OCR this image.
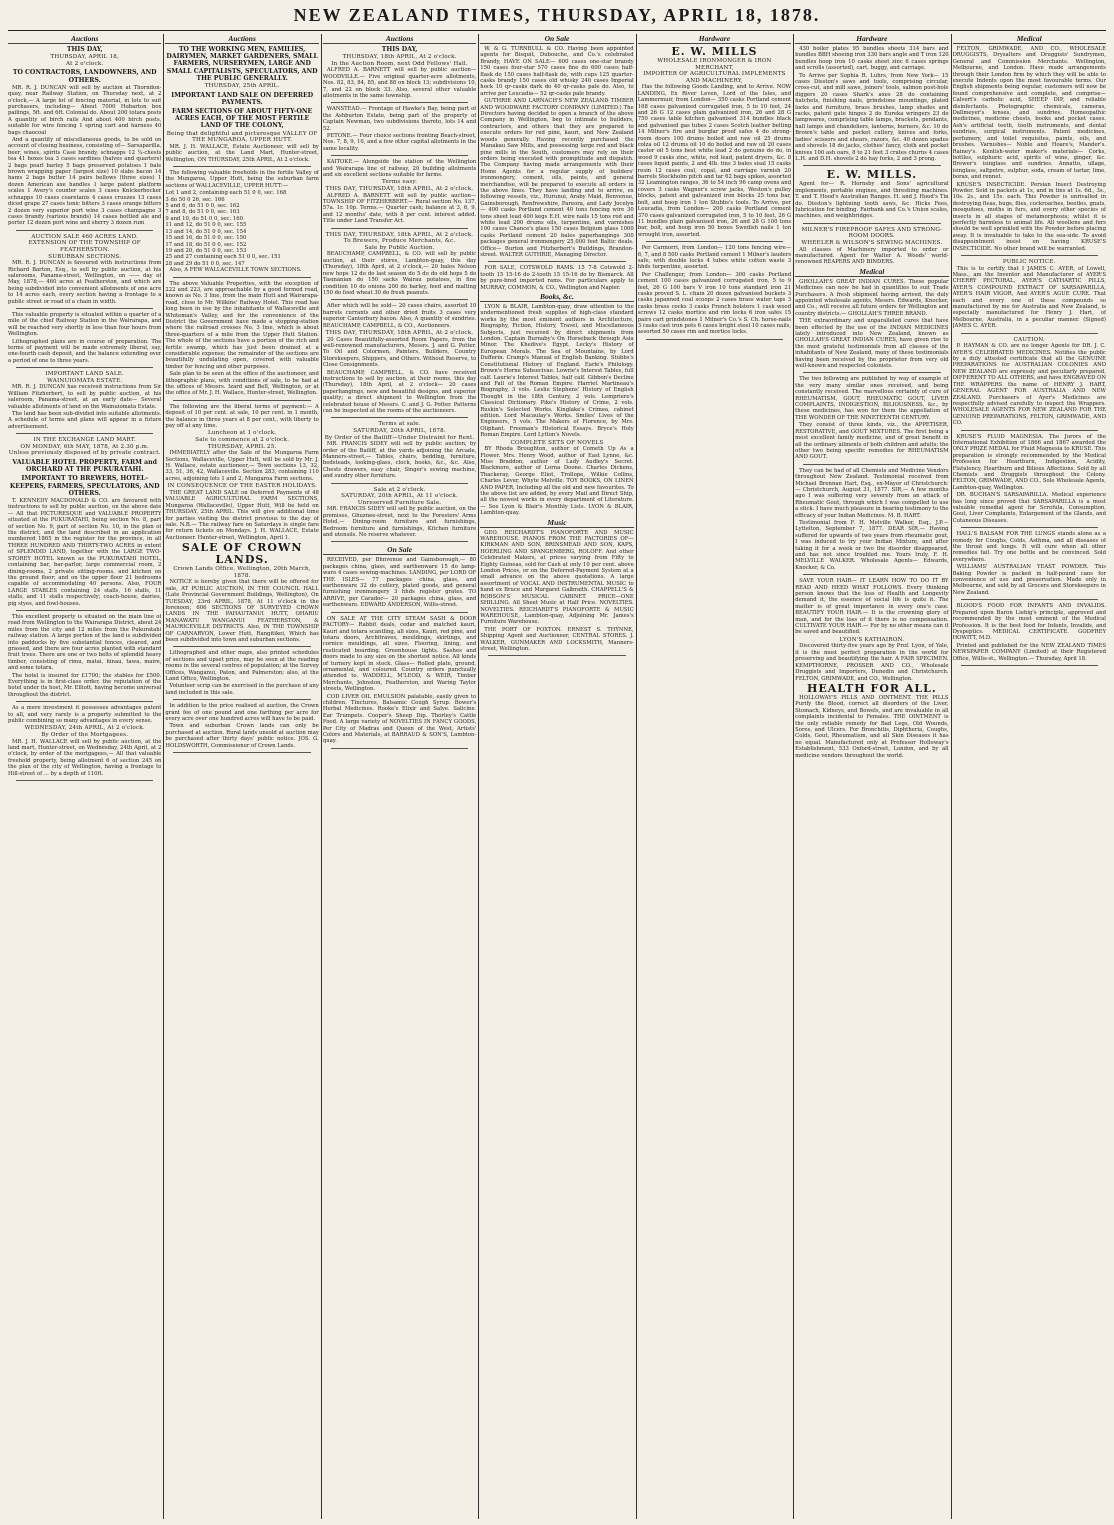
NEW ZEALAND TIMES, THURSDAY, APRIL 18, 1878.
Auctions
THIS DAY,
THURSDAY, APRIL 18,
At 2 o'clock.
TO CONTRACTORS, LANDOWNERS, AND OTHERS.
MR. R. J. DUNCAN will sell by auction at Thorndon-quay, near Railway Station, on Thursday next, at 2 o'clock,— A large lot of fencing material, in lots to suit purchasers, including— About 7000 Hobarton box pailings, 5ft. and 6ft. Colonial do. About 200 totara posts A quantity of birch rails And about 400 birch posts, suitable for wire fencing 1 spring cart and harness 40 bags chaocoal
And a quantity of miscellaneous goods, to be sold on account of closing business, consisting of— Sarsaparilla, beer, wines, spirits Case brandy, schnapps 12 ¼-chests tea 41 boxes tea 3 cases sardines (halves and quarters) 2 bags pearl barley 5 bags preserved potatoes 1 bale brown wrapping paper (largest size) 10 slabs bacon 14 hams 2 bags butter 14 pairs bellows (three sizes) 1 dozen American axe handles 1 large patent platform scales 1 Avery's counter scales 3 cases Knickerbocker schnapps 10 cases coaretanis 4 cases cruezes 13 cases diced grape 27 cases tonic bitters 3 cases orange bitters 2 dozen very superior port wine 3 cases champagne 3 cases brandy (various brands) 14 cases bottled ale and porter 12 dozen port wine and sherry 3 dozen rum
AUCTION SALE 460 ACRES LAND.
EXTENSION OF THE TOWNSHIP OF FEATHERSTON.
SUBURBAN SECTIONS.
MR. R. J. DUNCAN is favoured with instructions from Richard Barton, Esq., to sell by public auction, at his salerooms, Panama-street, Wellington, on —— day of May, 1878,— 460 acres at Featherston, and which are being subdivided into convenient allotments of one acre to 14 acres each, every section having a frontage to a public street or road of a chain in width.
This valuable property is situated within a quarter of a mile of the chief Railway Station in the Wairarapa, and will be reached very shortly in less than four hours from Wellington.
Lithographed plans are in course of preparation. The terms of payment will be made extremely liberal, say, one-fourth cash deposit, and the balance extending over a period of one to three years.
IMPORTANT LAND SALE.
WAINUIOMATA ESTATE.
MR. R. J. DUNCAN has received instructions from Sir William Fitzherbert, to sell by public auction, at his saleroom, Panama-street, at an early date— Several valuable allotments of land on the Wainuiomata Estate.
The land has been sub-divided into suitable allotments. A schedule of terms and plans will appear in a future advertisement.
IN THE EXCHANGE LAND MART.
ON MONDAY, 6th MAY, 1878, At 2.30 p.m.
Unless previously disposed of by private contract.
VALUABLE HOTEL PROPERTY, FARM and ORCHARD AT THE PUKURATAHI.
IMPORTANT TO BREWERS, HOTEL-KEEPERS, FARMERS, SPECULATORS, AND OTHERS.
T. KENNEDY MACDONALD & CO. are favoured with instructions to sell by public auction, on the above date— All that PICTURESQUE and VALUABLE PROPERTY situated at the PUKURATAHI, being section No. 8, part of section No. 9, part of section No. 10, in the plan of the district, and the land described in an application numbered 1865 in the register for the province, in all THREE HUNDRED AND THIRTY-TWO ACRES in extent of SPLENDID LAND, together with the LARGE TWO-STOREY HOTEL known as the PUKURATAHI HOTEL, containing bar, bar-parlor, large commercial room, 2 dining-rooms, 2 private sitting-rooms, and kitchen on the ground floor; and on the upper floor 21 bedrooms capable of accommodating 40 persons. Also, FOUR LARGE STABLES containing 24 stalls, 16 stalls, 11 stalls, and 11 stalls respectively; coach-house, dairies, pig styes, and fowl-houses.
This excellent property is situated on the main line of road from Wellington to the Wairarapa District, about 24 miles from the city and 12 miles from the Pukuratahi railway station. A large portion of the land is subdivided into paddocks by five substantial fences, cleared, and grassed, and there are four acres planted with standard fruit trees. There are one or two belts of splendid heavy timber, consisting of rimu, matai, hinau, tawa, maire, and some totara.
The hotel is insured for £1700; the stables for £500. Everything is in first-class order, the reputation of the hotel under its host, Mr. Elliott, having become universal throughout the district.
As a mere investment it possesses advantages patent to all, and very rarely is a property submitted to the public combining so many advantages in every sense.
WEDNESDAY, 24th APRIL, At 2 o'clock.
By Order of the Mortgagees.
MR. J. H. WALLACE will sell by public auction, at the land mart, Hunter-street, on Wednesday, 24th April, at 2 o'clock, by order of the mortgagees,— All that valuable freehold property, being allotment 6 of section 245 on the plan of the city of Wellington, having a frontage to Hill-street of ... by a depth of 110ft.
Auctions
TO THE WORKING MEN, FAMILIES, DAIRYMEN, MARKET GARDENERS, SMALL FARMERS, NURSERYMEN, LARGE AND SMALL CAPITALISTS, SPECULATORS, AND THE PUBLIC GENERALLY.
THURSDAY, 25th APRIL.
IMPORTANT LAND SALE ON DEFERRED PAYMENTS.
FARM SECTIONS OF ABOUT FIFTY-ONE ACRES EACH, OF THE MOST FERTILE LAND OF THE COLONY,
Being that delightful and picturesque VALLEY OF THE MUNGAROA, UPPER HUTT.
MR. J. H. WALLACE, Estate Auctioneer, will sell by public auction, at the Land Mart, Hunter-street, Wellington, ON THURSDAY, 25th APRIL, At 2 o'clock.
The following valuable freeholds in the fertile Valley of the Mungaroa, Upper Hutt, being the suburban farm sections of WALLACEVILLE, UPPER HUTT:—
Lot 1 and 2, containing each 51 0 0, sec. 168
3 do 50 0 26, sec. 166
5 and 6, do 51 0 0, sec. 162
7 and 8, do 51 0 0, sec. 163
9 and 10, do 51 0 0, sec. 160
11 and 12, do 51 0 0, sec. 155
13 and 14, do 51 0 0, sec. 154
15 and 16, do 51 0 0, sec. 150
17 and 18, do 51 0 0, sec. 152
19 and 20, do 51 0 0, sec. 153
25 and 27 containing each 51 0 0, sec. 151
28 and 29 do 51 0 0, sec. 147
Also, A FEW WALLACEVILLE TOWN SECTIONS.
The above Valuable Properties, with the exception of 222 and 223, are approachable by a good formed road, known as No. 3 line, from the main Hutt and Wairarapa-road, close to Mr. Wilkins' Railway Hotel. This road has long been in use by the inhabitants of Wallaceville and Whiteman's Valley, and for the convenience of the District the Government have made a stopping-station where the railroad crosses No. 3 line, which is about three-quarters of a mile from the Upper Hutt Station. The whole of the sections have a portion of the rich and fertile swamp, which has just been drained at a considerable expense; the remainder of the sections are beautifully undulating open, covered with valuable timber for fencing and other purposes.
Sale plan to be seen at the office of the auctioneer, and lithographic plans, with conditions of sale, to be had at the offices of Messrs. Izard and Bell, Wellington, or at the office of Mr. J. H. Wallace, Hunter-street, Wellington.
The following are the liberal terms of payment:— A deposit of 10 per cent. at sale, 10 per cent. in 1 month, the balance in three years at 8 per cent., with liberty to pay off at any time.
Luncheon at 1 o'clock.
Sale to commence at 2 o'clock.
THURSDAY, APRIL 25.
IMMEDIATELY after the Sale of the Mungaroa Farm Sections, Wallaceville, Upper Hutt, will be sold by Mr. J. H. Wallace, estate auctioneer,— Town sections 13, 32, 33, 51, 36, 42, Wallaceville. Section 283, containing 110 acres, adjoining lots 1 and 2, Mungaroa Farm sections.
IN CONSEQUENCE OF THE EASTER HOLIDAYS.
THE GREAT LAND SALE on Deferred Payments of 48 VALUABLE AGRICULTURAL FARM SECTIONS, Mungaroa (Wallaceville), Upper Hutt, Will be held on THURSDAY, 25th APRIL. This will give additional time for parties visiting the district previous to the day of sale. N.B.— The railway fare on Saturdays is single fare for return tickets on Mondays. J. H. WALLACE, Estate Auctioneer. Hunter-street, Wellington, April 1.
SALE OF CROWN LANDS.
Crown Lands Office, Wellington, 20th March, 1878.
NOTICE is hereby given that there will be offered for sale, AT PUBLIC AUCTION, IN THE COUNCIL HALL (Late Provincial Government Buildings, Wellington), On TUESDAY, 23rd APRIL, 1878, At 11 o'clock in the forenoon, 606 SECTIONS OF SURVEYED CROWN LANDS IN THE PAHAUTANUI HUTT, OHARIU MANAWATU WANGANUI FEATHERSTON, & MAURICEVILLE DISTRICTS. Also, IN THE TOWNSHIP OF CARNARVON, Lower Hutt, Rangitikei, Which has been subdivided into town and suburban sections.
Lithographed and other maps, also printed schedules of sections and upset price, may be seen at the reading rooms in the several centres of population; at the Survey Offices, Wanganui, Paton, and Palmerston; also, at the Land Office, Wellington.
Volunteer scrip can be exercised in the purchase of any land included in this sale.
In addition to the price realised at auction, the Crown grant fee of one pound and one farthing per acre for every acre over one hundred acres will have to be paid.
Town and suburban Crown lands can only be purchased at auction. Rural lands unsold at auction may be purchased after thirty days' public notice. JOS. G. HOLDSWORTH, Commissioner of Crown Lands.
Auctions
THIS DAY,
THURSDAY, 18th APRIL, At 2 o'clock.
In the Auction Room, next Odd Fellows' Hall.
ALFRED A. BARNETT will sell by public auction— WOODVILLE.— Five original quarter-acre allotments, Nos. 82, 83, 84, 85, and 88 on block 13; subdivisions 10, 7, and 22 on block 33. Also, several other valuable allotments in the same township.
WANSTEAD.— Frontage of Hawke's Bay, being part of the Ashburton Estate, being part of the property of Captain Newman, two subdivisions thereto, lots 14 and 52.
PETONE.— Four choice sections fronting Beach-street, Nos. 7, 8, 9, 10, and a few other capital allotments in the same locality.
KAITOKE.— Alongside the station of the Wellington and Wairarapa line of railway, 20 building allotments and six excellent sections suitable for farms.
Terms easy.
THIS DAY, THURSDAY, 18th APRIL, At 2 o'clock.
ALFRED A. BARNETT will sell by public auction— TOWNSHIP OF FITZHERBERT.— Rural section No. 137, 57a. 1r. 10p. Terms.— Quarter cash; balance at 3, 6, 9, and 12 months' date, with 8 per cent. interest added. Title under Land Transfer Act.
THIS DAY, THURSDAY, 18th APRIL, At 2 o'clock.
To Brewers, Produce Merchants, &c.
Sale by Public Auction.
BEAUCHAMP, CAMPBELL, & CO. will sell by public auction, at their stores, Lambton-quay, this day (Thursday), 18th April, at 2 o'clock,— 20 bales Nelson new hops 12 do do last season do 5 do do old hops 5 do Tasmanian do 150 sacks Wairau potatoes, in fine condition 10 do onions 200 do barley, feed and malting 150 do feed wheat 30 do fresh peanuts.
After which will be sold— 20 cases chairs, assorted 10 barrels currants and other dried fruits 3 cases very superior Canterbury bacon. Also, A quantity of sundries. BEAUCHAMP, CAMPBELL, & CO., Auctioneers.
THIS DAY, THURSDAY, 18th APRIL, At 2 o'clock.
20 Cases Beautifully-assorted Room Papers, from the well-renowned manufacturers, Messrs. J. and G. Potter. To Oil and Colormen, Painters, Builders, Country Storekeepers, Shippers, and Others. Without Reserve, to Close Consignments.
BEAUCHAMP, CAMPBELL, & CO. have received instructions to sell by auction, at their rooms, this day (Thursday), 18th April, at 2 o'clock— 20 cases paperhangings, new and beautiful designs, and superior quality; a direct shipment to Wellington from the celebrated house of Messrs. C. and J. G. Potter. Patterns can be inspected at the rooms of the auctioneers.
Terms at sale.
SATURDAY, 20th APRIL, 1878.
By Order of the Bailiff—Under Distraint for Rent.
MR. FRANCIS SIDEY will sell by public auction, by order of the Bailiff, at the yards adjoining the Arcade, Manners-street,— Tables, chairs, bedding, furniture, bedsteads, looking-glass, clock, books, &c., &c. Also, Chests drawers, easy chair, Singer's sewing machine, and sundry other furniture.
Sale at 2 o'clock.
SATURDAY, 20th APRIL, At 11 o'clock.
Unreserved Furniture Sale.
MR. FRANCIS SIDEY will sell by public auction, on the premises, Ghuznee-street, next to the Foresters' Arms Hotel,— Dining-room furniture and furnishings, Bedroom furniture and furnishings, Kitchen furniture and utensils. No reserve whatever.
On Sale
RECEIVED, per Bhnvenue and Gainsborough,— 80 packages china, glass, and earthenware 15 do lamp-ware 4 cases sewing-machines. LANDING, per LORD OF THE ISLES— 77 packages china, glass, and earthenware 32 do cutlery, plated goods, and general furnishing ironmongery 3 hhds register grates. TO ARRIVE, per Caradoc— 20 packages china, glass, and earthenware. EDWARD ANDERSON, Willis-street.
ON SALE AT THE CITY STEAM SASH & DOOR FACTORY— Rabbit deals, cedar and matched kauri, Kauri and totara scantling, all sizes, Kauri, red pine, and totara doors, Architraves, mouldings, skirtings, and cornice mouldings, all sizes. Flooring, lining, and rusticated boarding. Greenhouse lights. Sashes and doors made to any size on the shortest notice. All kinds of turnery kept in stock. Glass— Rolled plate, ground, ornamental, and coloured. Country orders punctually attended to. WADDELL, M'LEOD, & WEIR, Timber Merchants, Johnston, Featherston, and Waring Taylor streets, Wellington.
COD LIVER OIL EMULSION palatable, easily given to children. Tinctures, Balsamic Cough Syrup. Bower's Herbal Medicines. Rooke's Elixir and Salve. Salicine. Ear Trumpets. Cooper's Sheep Dip. Thorley's Cattle Food. A large variety of NOVELTIES IN FANCY GOODS, Per City of Madras and Queen of the West, Artists' Colors and Materials, at BARRAUD & SON'S, Lambton-quay.
On Sale
W. & G. TURNBULL & CO. Having been appointed agents for Bisquit, Dubouche, and Co.'s celebrated Brandy, HAVE ON SALE— 600 cases one-star brandy 150 cases four-star 570 cases fine do 600 cases half-flask do 150 cases half-flask do, with cups 125 quarter-casks brandy 150 cases old whisky 240 cases Imperial hock 10 qr-casks dark do 40 qr-casks pale do. Also, to arrive per Leucadia— 52 qr-casks pale brandy.
GUTHRIE AND LARNACH'S NEW ZEALAND TIMBER AND WOODWARE FACTORY COMPANY (LIMITED.) The Directors having decided to open a branch of the above Company in Wellington, beg to intimate to builders, contractors, and others that they are prepared to execute orders for red pine, kauri, and New Zealand woods generally. Having recently purchased the Manakau Saw Mills, and possessing large red and black pine mills in the South, customers may rely on their orders being executed with promptitude and dispatch. The Company having made arrangements with their Home Agents for a regular supply of builders' ironmongery, cement, oils, paints, and general merchandise, will be prepared to execute all orders in the above lines. They have landing and to arrive, ex following vessels, viz., Hurunui, Araby Maid, Benvenue, Gainsborough, Renfrewshire, Pareora, and Lady Jocelyn— 400 casks Portland cement 40 tons fencing wire 30 tons sheet lead 400 kegs E.H. wire nails 15 tons rod and white lead 200 drums oils, turpentine, and varnishes 100 cases Chance's glass 150 cases Belgium glass 1000 casks Portland cement 20 bales paperhangings 300 packages general ironmongery 25,000 feet Baltic deals. Office— Burton and Fitzherbert's Buildings, Brandon-street. WALTER GUTHRIE, Managing Director.
FOR SALE, COTSWOLD RAMS. 15 7-8 Cotswold 2-tooth 15 15-16 do 2-tooth 15 15-16 do by Bismarck. All by pure-bred imported rams. For particulars apply to MURRAY, COMMON, & CO., Wellington and Napier.
Books, &c.
LYON & BLAIR, Lambton-quay, draw attention to the undermentioned fresh supplies of high-class standard works by the most eminent authors in Architecture, Biography, Fiction, History, Travel, and Miscellaneous Subjects, just received by direct shipments from London. Captain Burnaby's On Horseback through Asia Minor. The Khedive's Egypt. Lecky's History of European Morals. The Sea of Mountains, by Lord Dufferin. Cramp's Manual of English Banking. Stubbs's Constitutional History of England. Earle's Philology. Brown's Horne Subsecivae. Lowrie's Interest Tables, full calf. Laurie's Interest Tables, half calf. Gibbon's Decline and Fall of the Roman Empire. Harriet Martineau's Biography, 3 vols. Leslie Stephens' History of English Thought in the 18th Century, 2 vols. Lempriere's Classical Dictionary. Pike's History of Crime, 2 vols. Ruskin's Selected Works. Kinglake's Crimea, cabinet edition. Lord Macaulay's Works. Smiles' Lives of the Engineers, 5 vols. The Makers of Florence, by Mrs. Oliphant. Freeman's Historical Essays. Bryce's Holy Roman Empire. Lord Lytton's Novels.
COMPLETE SETS OF NOVELS
BY Rhoda Broughton, author of Cometh Up As a Flower. Mrs. Henry Wood, author of East Lynne, &c. Miss Braddon, author of Lady Audley's Secret. Blackmore, author of Lorna Doone. Charles Dickens, Thackeray, George Eliot, Trollope, Wilkie Collins, Charles Lever, Whyte Melville. TOY BOOKS, ON LINEN AND PAPER, Including all the old and new favourites. To the above list are added, by every Mail and Direct Ship, all the newest works in every department of Literature.— See Lyon & Blair's Monthly Lists. LYON & BLAIR, Lambton-quay.
Music
GEO. REICHARDT'S PIANOFORTE AND MUSIC WAREHOUSE. PIANOS FROM THE FACTORIES OF— KIRKMAN AND SON, BRINSMEAD AND SON, KAPS, HOERLING AND SPANGENBERG, ROLOFF. And other Celebrated Makers, at prices varying from Fifty to Eighty Guineas, sold for Cash at only 10 per cent. above London Prices, or on the Deferred-Payment System at a small advance on the above quotations. A large assortment of VOCAL AND INSTRUMENTAL MUSIC to hand ex Bruce and Margaret Galbraith. CHAPPELL'S & ROBSON'S MUSICAL CABINET. PRICE—ONE SHILLING. All Sheet Music at Half Price. NOVELTIES. NOVELTIES. REICHARDT'S PIANOFORTE & MUSIC WAREHOUSE, Lambton-quay, Adjoining Mr. James's Furniture Warehouse.
THE PORT OF FOXTON. ERNEST S. THYNNE, Shipping Agent and Auctioneer, CENTRAL STORES. J. WALKER, GUNMAKER AND LOCKSMITH, Manners-street, Wellington.
Hardware
E. W. MILLS
WHOLESALE IRONMONGER & IRON MERCHANT,
IMPORTER OF AGRICULTURAL IMPLEMENTS AND MACHINERY,
Has the following Goods Landing, and to Arrive. NOW LANDING, Ex River Leven, Lord of the Isles, and Lammermuir, from London— 350 casks Portland cement 168 cases galvanized corrugated iron, 5 to 10 feet, 24 and 26 G 12 cases plain galvanized iron, 26 and 28 G 750 cases table kitchen galvanised 314 bundles black and galvanised gas tubes 2 cases Scotch leather belting 14 Milner's fire and burglar proof safes 4 do strong-room doors 100 drums boiled and raw oil 25 drums colza oil 12 drums oil 10 do boiled and raw oil 20 cases castor oil 5 tons best white lead 2 do genuine do do, in wood 9 casks zinc, white, red lead, patent dryers, &c. 8 cases liquid paints, 2 and 4lb. tins 3 bales sisal 15 casks resin 12 cases coal, copal, and carriage varnish 20 barrels Stockholm pitch and tar 62 bags spikes, assorted 32 Leamington ranges, 36 to 54 inch 96 camp ovens and covers 3 casks Wagner's screw jacks, Weston's pulley blocks, patent and galvanized iron blocks 25 tons bar, bolt, and hoop iron 1 ton Stubbs's tools. To Arrive, per Leucadia, from London— 200 casks Portland cement 370 cases galvanized corrugated iron, 5 to 10 feet, 26 G 11 bundles plain galvanised iron, 26 and 28 G 100 tons bar, bolt, and hoop iron 50 boxes Swedish nails 1 ton wrought iron, assorted.
Per Carmorri, from London— 120 tons fencing wire— 6, 7, and 8 500 casks Portland cement 1 Milner's lauders safe, with double locks 4 tubes white cotton waste 3 hhds turpentine, assorted.
Per Challenger, from London— 300 casks Portland cement 100 cases galvanized corrugated iron, 5 to 9 feet, 26 G 100 bars V iron 10 tons standard iron 21 casks proved S. L. chain 20 dozen galvanised buckets 3 casks japanned coal scoops 2 cases brass water taps 3 casks brass cocks 3 casks French bolsters 1 cask wood screws 12 casks mortice and rim locks 6 iron safes 15 pairs cart grindstones 1 Milner's Co.'s S. Ch. horse-nails 3 casks cast iron pots 6 cases bright steel 10 cases nails, assorted 50 cases rim and mortice locks.
Hardware
430 boiler plates 95 bundles sheets 314 bars and bundles BBH shoeing iron 330 bars angle and T iron 120 bundles hoop iron 10 casks sheet zinc 6 cases springs and scrolls (assorted), cart, buggy, and carriage.
To Arrive per Sophia R. Luhrs, from New York— 15 cases Disston's saws and tools, comprising circular, cross-cut, and mill saws, joiners' tools, salmon post-hole diggers 20 cases Shark's axes 28 do containing hatchets, finishing nails, grindstone mountings, plated locks and furniture, brass brushes, lamp shades and racks, patent gate hinges 2 do Eureka wringers 23 do lampwares, comprising table lamps, brackets, pendants, hall lamps and chandeliers, lanterns, burners, &c. 10 do Brown's table and pocket cutlery, knives and forks, ladies' scissors and shears, razors, &c. 40 dozen spades and shovels 18 do jacks, clothes' fancy, cloth and pocket knives 100 ash oars, 8 to 21 feet 3 crates churns 4 cases L.H. and D.H. shovels 2 do hay forks, 2 and 3 prong.
E. W. MILLS.
Agent for— R. Hornsby and Sons' agricultural implements, portable engines, and threshing machines. T. and T. Hood's Australian Ranges. H. and J. Hood's Tin do. Disston's lightning tooth saws, &c. Hicks Fees, Iubrication for binding. Fairbank and Co.'s Union scales, machines, and weighbridges.
MILNER'S FIREPROOF SAFES AND STRONG-ROOM DOORS.
WHEELER & WILSON'S SEWING MACHINES.
All classes of Machinery imported to order or manufactured. Agent for Walter A. Woods' world-renowned REAPERS AND BINDERS.
Medical
GHOLLAH'S GREAT INDIAN CURES. These popular Medicines can now be had in quantities to suit Trade Purchasers. A fresh shipment having arrived, the duly appointed wholesale agents, Messrs. Edwards, Knocker, and Co., will receive all future orders for Wellington and country districts.— GHOLLAH'S THREE BRAND.
THE extraordinary and unparalleled cures that have been effected by the use of the INDIAN MEDICINES lately introduced into New Zealand, known as GHOLLAH'S GREAT INDIAN CURES, have given rise to the most grateful testimonials from all classes of the inhabitants of New Zealand, many of these testimonials having been received by the proprietor from very old well-known and respected colonists.
The two following are published by way of example of the very many similar ones received, and being constantly received. The marvellous certainty of cure of RHEUMATISM, GOUT, RHEUMATIC GOUT, LIVER COMPLAINTS, INDIGESTION, BILIOUSNESS, &c., by these medicines, has won for them the appellation of THE WONDER OF THE NINETEENTH CENTURY.
They consist of three kinds, viz., the APPETISER, RESTORATIVE, and GOUT MIXTURES. The first being a most excellent family medicine, and of great benefit in all the ordinary ailments of both children and adults; the other two being specific remedies for RHEUMATISM AND GOUT.
They can be had of all Chemists and Medicine Vendors throughout New Zealand. Testimonial received from Michael Brennan Hart, Esq., ex-Mayor of Christchurch:— Christchurch, August 31, 1877. SIR,— A few months ago I was suffering very severely from an attack of Rheumatic Gout, through which I was compelled to use a stick. I have much pleasure in bearing testimony to the efficacy of your Indian Medicines. M. B. HART.
Testimonial from F. H. Melville Walker, Esq., J.P.— Lyttelton, September 7, 1877. DEAR SIR,— Having suffered for upwards of two years from rheumatic gout, I was induced to try your Indian Mixture, and after taking it for a week or two the disorder disappeared, and has not since troubled me. Yours truly, F. H. MELVILLE WALKER. Wholesale Agents— Edwards, Knocker, & Co.
SAVE YOUR HAIR— IT LEARN HOW TO DO IT BY READ AND HEED WHAT FOLLOWS. Every thinking person knows that the loss of Health and Longevity demand it, the essence of social life is quite it. The matter is of great importance in every one's case. BEAUTIFY YOUR HAIR.— It is the crowning glory of man, and for the loss of it there is no compensation. CULTIVATE YOUR HAIR.— For by no other means can it be saved and beautified.
LYON'S KATHAIRON.
Discovered thirty-five years ago by Prof. Lyon, of Yale, it is the most perfect preparation in the world for preserving and beautifying the hair. A FAIR SPECIMEN. KEMPTHORNE, PROSSER AND CO., Wholesale Druggists and Importers, Dunedin and Christchurch. FELTON, GRIMWADE, and CO., Wellington.
HEALTH FOR ALL.
HOLLOWAY'S PILLS AND OINTMENT. THE PILLS Purify the Blood, correct all disorders of the Liver, Stomach, Kidneys, and Bowels, and are invaluable in all complaints incidental to Females. THE OINTMENT is the only reliable remedy for Bad Legs, Old Wounds, Sores, and Ulcers. For Bronchitis, Diphtheria, Coughs, Colds, Gout, Rheumatism, and all Skin Diseases it has no equal. Manufactured only at Professor Holloway's Establishment, 533 Oxford-street, London, and by all medicine vendors throughout the world.
Medical
FELTON, GRIMWADE, AND CO., WHOLESALE DRUGGISTS, Drysalters and Druggists' Sundrymen, General and Commission Merchants. Wellington, Melbourne, and London. Have made arrangements through their London firm by which they will be able to execute Indents upon the most favourable terms. Our English shipments being regular, customers will now be found comprehensive and complete, and comprise— Calvert's carbolic acid, SHEEP DIP, and reliable disinfectants. Photographic chemicals, cameras, Dallmeyer's lenses, and sundries. Homeopathic medicines, medicine chests, books and pocket cases. Ash's artificial teeth, tooth instruments, and dental sundries, surgical instruments. Patent medicines, perfumery, and toilet requisites, paints, oils, and brushes. Varnishes— Noble and Hoare's, Mander's. Rainey's. Kentish-water maker's materials— Corks, bottles, sulphuric acid, spirits of wine, ginger, &c. Brewer's isinglass and sundries. Annatto, ullage, isinglass, saltpetre, sulphur, soda, cream of tartar, lime, borax, and rennet.
KRUSE'S INSECTICIDE. Persian Insect Destroying Powder. Sold in packets at 1s, and in tins at 1s. 6d., 3s., 10s. 2s., and 15s. each. This Powder is unrivalled in destroying fleas, bugs, flies, cockroaches, beetles, gnats, mosquitoes, moths in furs, and every other species of insects in all stages of metamorphosis; whilst it is perfectly harmless to animal life. All woollens and furs should be well sprinkled with the Powder before placing away. It is invaluable to take to the sea-side. To avoid disappointment insist on having KRUSE'S INSECTICIDE. No other brand will be warranted.
PUBLIC NOTICE.
This is to certify that I JAMES C. AYER, of Lowell, Mass., am the Inventor and Manufacturer of AYER'S CHERRY PECTORAL, AYER'S CATHARTIC PILLS, AYER'S COMPOUND EXTRACT OF SARSAPARILLA, AYER'S HAIR VIGOR, And AYER'S AGUE CURE. That each and every one of these compounds so manufactured by me for Australia and New Zealand, is especially manufactured for Henry J. Hart, of Melbourne, Australia, in a peculiar manner. (Signed) JAMES C. AYER.
CAUTION.
P. HAYMAN & CO. are no longer Agents for DR. J. C. AYER'S CELEBRATED MEDICINES. Notifies the public by a duly attested certificate that all the GENUINE PREPARATIONS for AUSTRALIAN COLONIES AND NEW ZEALAND are expressly and peculiarly prepared, DIFFERENT TO ALL OTHERS, and have ENGRAVED ON THE WRAPPERS the name of HENRY J. HART, GENERAL AGENT FOR AUSTRALIA AND NEW ZEALAND. Purchasers of Ayer's Medicines are respectfully advised carefully to inspect the Wrappers. WHOLESALE AGENTS FOR NEW ZEALAND FOR THE GENUINE PREPARATIONS, FELTON, GRIMWADE, AND CO.
KRUSE'S FLUID MAGNESIA. The Jurors of the International Exhibition of 1866 and 1867 awarded the ONLY PRIZE MEDAL for Fluid Magnesia to KRUSE. This preparation is strongly recommended by the Medical Profession for Heartburn, Indigestion, Acidity, Flatulency, Heartburn and Bilious Affections. Sold by all Chemists and Druggists throughout the Colony. FELTON, GRIMWADE, AND CO., Sole Wholesale Agents, Lambton-quay, Wellington.
DR. BUCHAN'S SARSAPARILLA. Medical experience has long since proved that SARSAPARILLA is a most valuable remedial agent for Scrofula, Consumption, Gout, Liver Complaints, Enlargement of the Glands, and Cutaneous Diseases.
HALL'S BALSAM FOR THE LUNGS stands alone as a remedy for Coughs, Colds, Asthma, and all diseases of the throat and lungs. It will cure when all other remedies fail. Try one bottle and be convinced. Sold everywhere.
WILLIAMS' AUSTRALIAN YEAST POWDER. This Baking Powder is packed in half-pound cans for convenience of use and preservation. Made only in Melbourne, and sold by all Grocers and Storekeepers in New Zealand.
BLOOD'S FOOD FOR INFANTS AND INVALIDS. Prepared upon Baron Liebig's principle, approved and recommended by the most eminent of the Medical Profession. It is the best food for Infants, Invalids, and Dyspeptics. MEDICAL CERTIFICATE. GODFREY HOWITT, M.D.
Printed and published for the NEW ZEALAND TIMES NEWSPAPER COMPANY (Limited) at their Registered Office, Willis-st., Wellington.— Thursday, April 18.
